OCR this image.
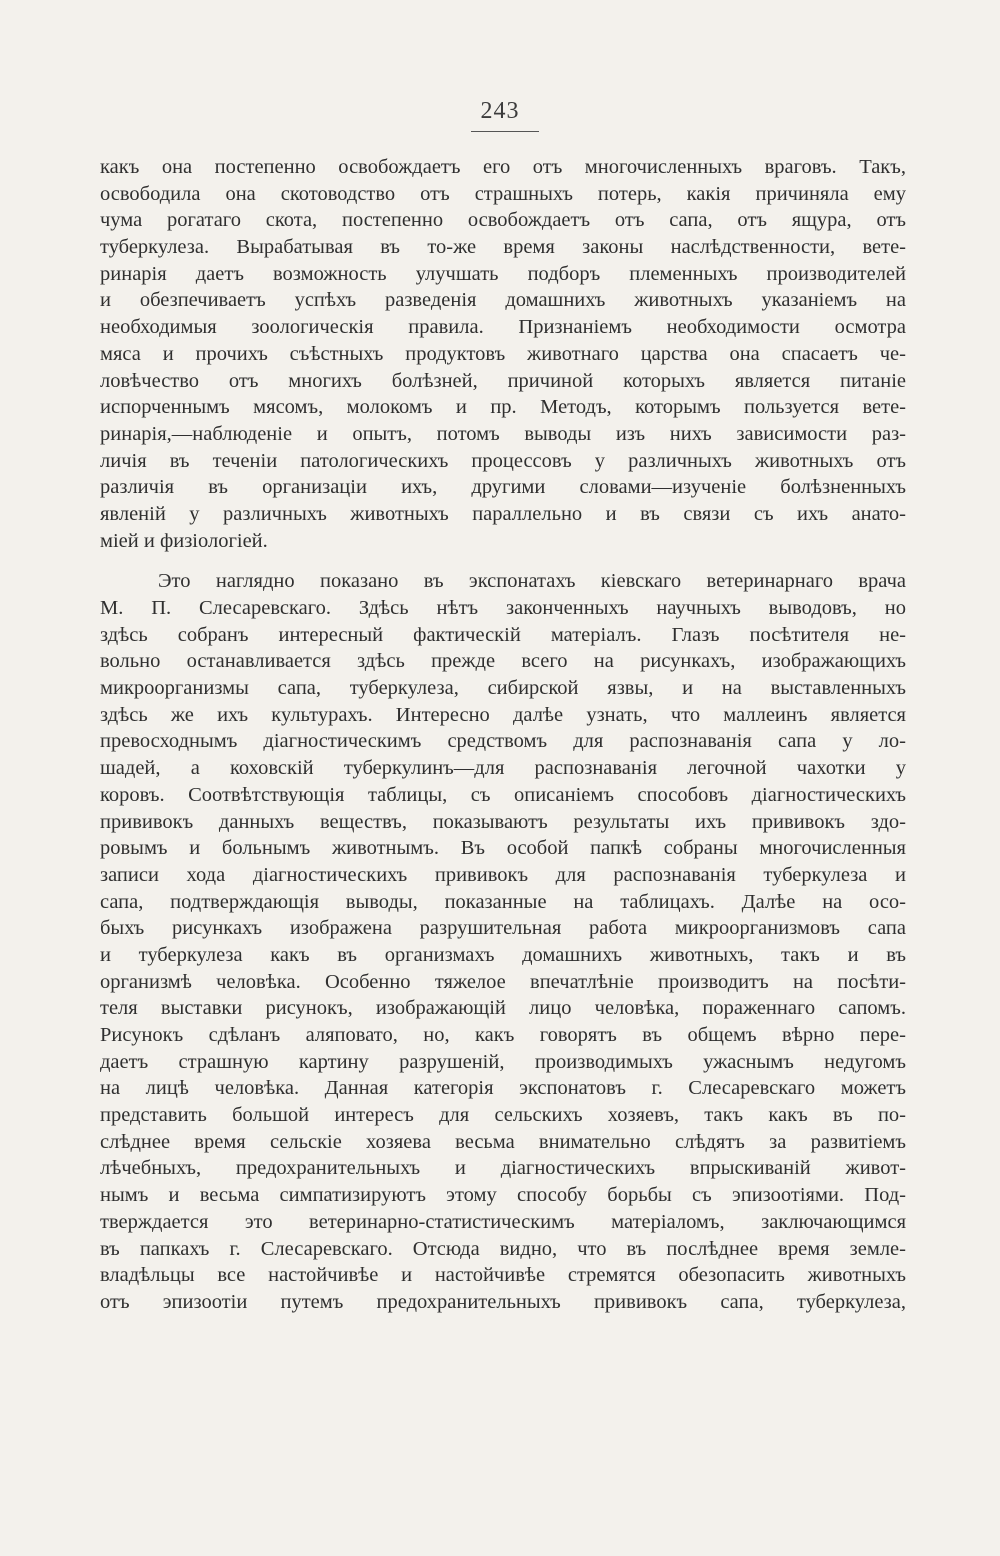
243
какъ она постепенно освобождаетъ его отъ многочисленныхъ враговъ. Такъ,
освободила она скотоводство отъ страшныхъ потерь, какія причиняла ему
чума рогатаго скота, постепенно освобождаетъ отъ сапа, отъ ящура, отъ
туберкулеза. Вырабатывая въ то-же время законы наслѣдственности, вете-
ринарія даетъ возможность улучшать подборъ племенныхъ производителей
и обезпечиваетъ успѣхъ разведенія домашнихъ животныхъ указаніемъ на
необходимыя зоологическія правила. Признаніемъ необходимости осмотра
мяса и прочихъ съѣстныхъ продуктовъ животнаго царства она спасаетъ че-
ловѣчество отъ многихъ болѣзней, причиной которыхъ является питаніе
испорченнымъ мясомъ, молокомъ и пр. Методъ, которымъ пользуется вете-
ринарія,—наблюденіе и опытъ, потомъ выводы изъ нихъ зависимости раз-
личія въ теченіи патологическихъ процессовъ у различныхъ животныхъ отъ
различія въ организаціи ихъ, другими словами—изученіе болѣзненныхъ
явленій у различныхъ животныхъ параллельно и въ связи съ ихъ анато-
міей и физіологіей.
Это наглядно показано въ экспонатахъ кіевскаго ветеринарнаго врача
М. П. Слесаревскаго. Здѣсь нѣтъ законченныхъ научныхъ выводовъ, но
здѣсь собранъ интересный фактическій матеріалъ. Глазъ посѣтителя не-
вольно останавливается здѣсь прежде всего на рисункахъ, изображающихъ
микроорганизмы сапа, туберкулеза, сибирской язвы, и на выставленныхъ
здѣсь же ихъ культурахъ. Интересно далѣе узнать, что маллеинъ является
превосходнымъ діагностическимъ средствомъ для распознаванія сапа у ло-
шадей, а коховскій туберкулинъ—для распознаванія легочной чахотки у
коровъ. Соотвѣтствующія таблицы, съ описаніемъ способовъ діагностическихъ
прививокъ данныхъ веществъ, показываютъ результаты ихъ прививокъ здо-
ровымъ и больнымъ животнымъ. Въ особой папкѣ собраны многочисленныя
записи хода діагностическихъ прививокъ для распознаванія туберкулеза и
сапа, подтверждающія выводы, показанные на таблицахъ. Далѣе на осо-
быхъ рисункахъ изображена разрушительная работа микроорганизмовъ сапа
и туберкулеза какъ въ организмахъ домашнихъ животныхъ, такъ и въ
организмѣ человѣка. Особенно тяжелое впечатлѣніе производитъ на посѣти-
теля выставки рисунокъ, изображающій лицо человѣка, пораженнаго сапомъ.
Рисунокъ сдѣланъ аляповато, но, какъ говорятъ въ общемъ вѣрно пере-
даетъ страшную картину разрушеній, производимыхъ ужаснымъ недугомъ
на лицѣ человѣка. Данная категорія экспонатовъ г. Слесаревскаго можетъ
представить большой интересъ для сельскихъ хозяевъ, такъ какъ въ по-
слѣднее время сельскіе хозяева весьма внимательно слѣдятъ за развитіемъ
лѣчебныхъ, предохранительныхъ и діагностическихъ впрыскиваній живот-
нымъ и весьма симпатизируютъ этому способу борьбы съ эпизоотіями. Под-
тверждается это ветеринарно-статистическимъ матеріаломъ, заключающимся
въ папкахъ г. Слесаревскаго. Отсюда видно, что въ послѣднее время земле-
владѣльцы все настойчивѣе и настойчивѣе стремятся обезопасить животныхъ
отъ эпизоотіи путемъ предохранительныхъ прививокъ сапа, туберкулеза,
